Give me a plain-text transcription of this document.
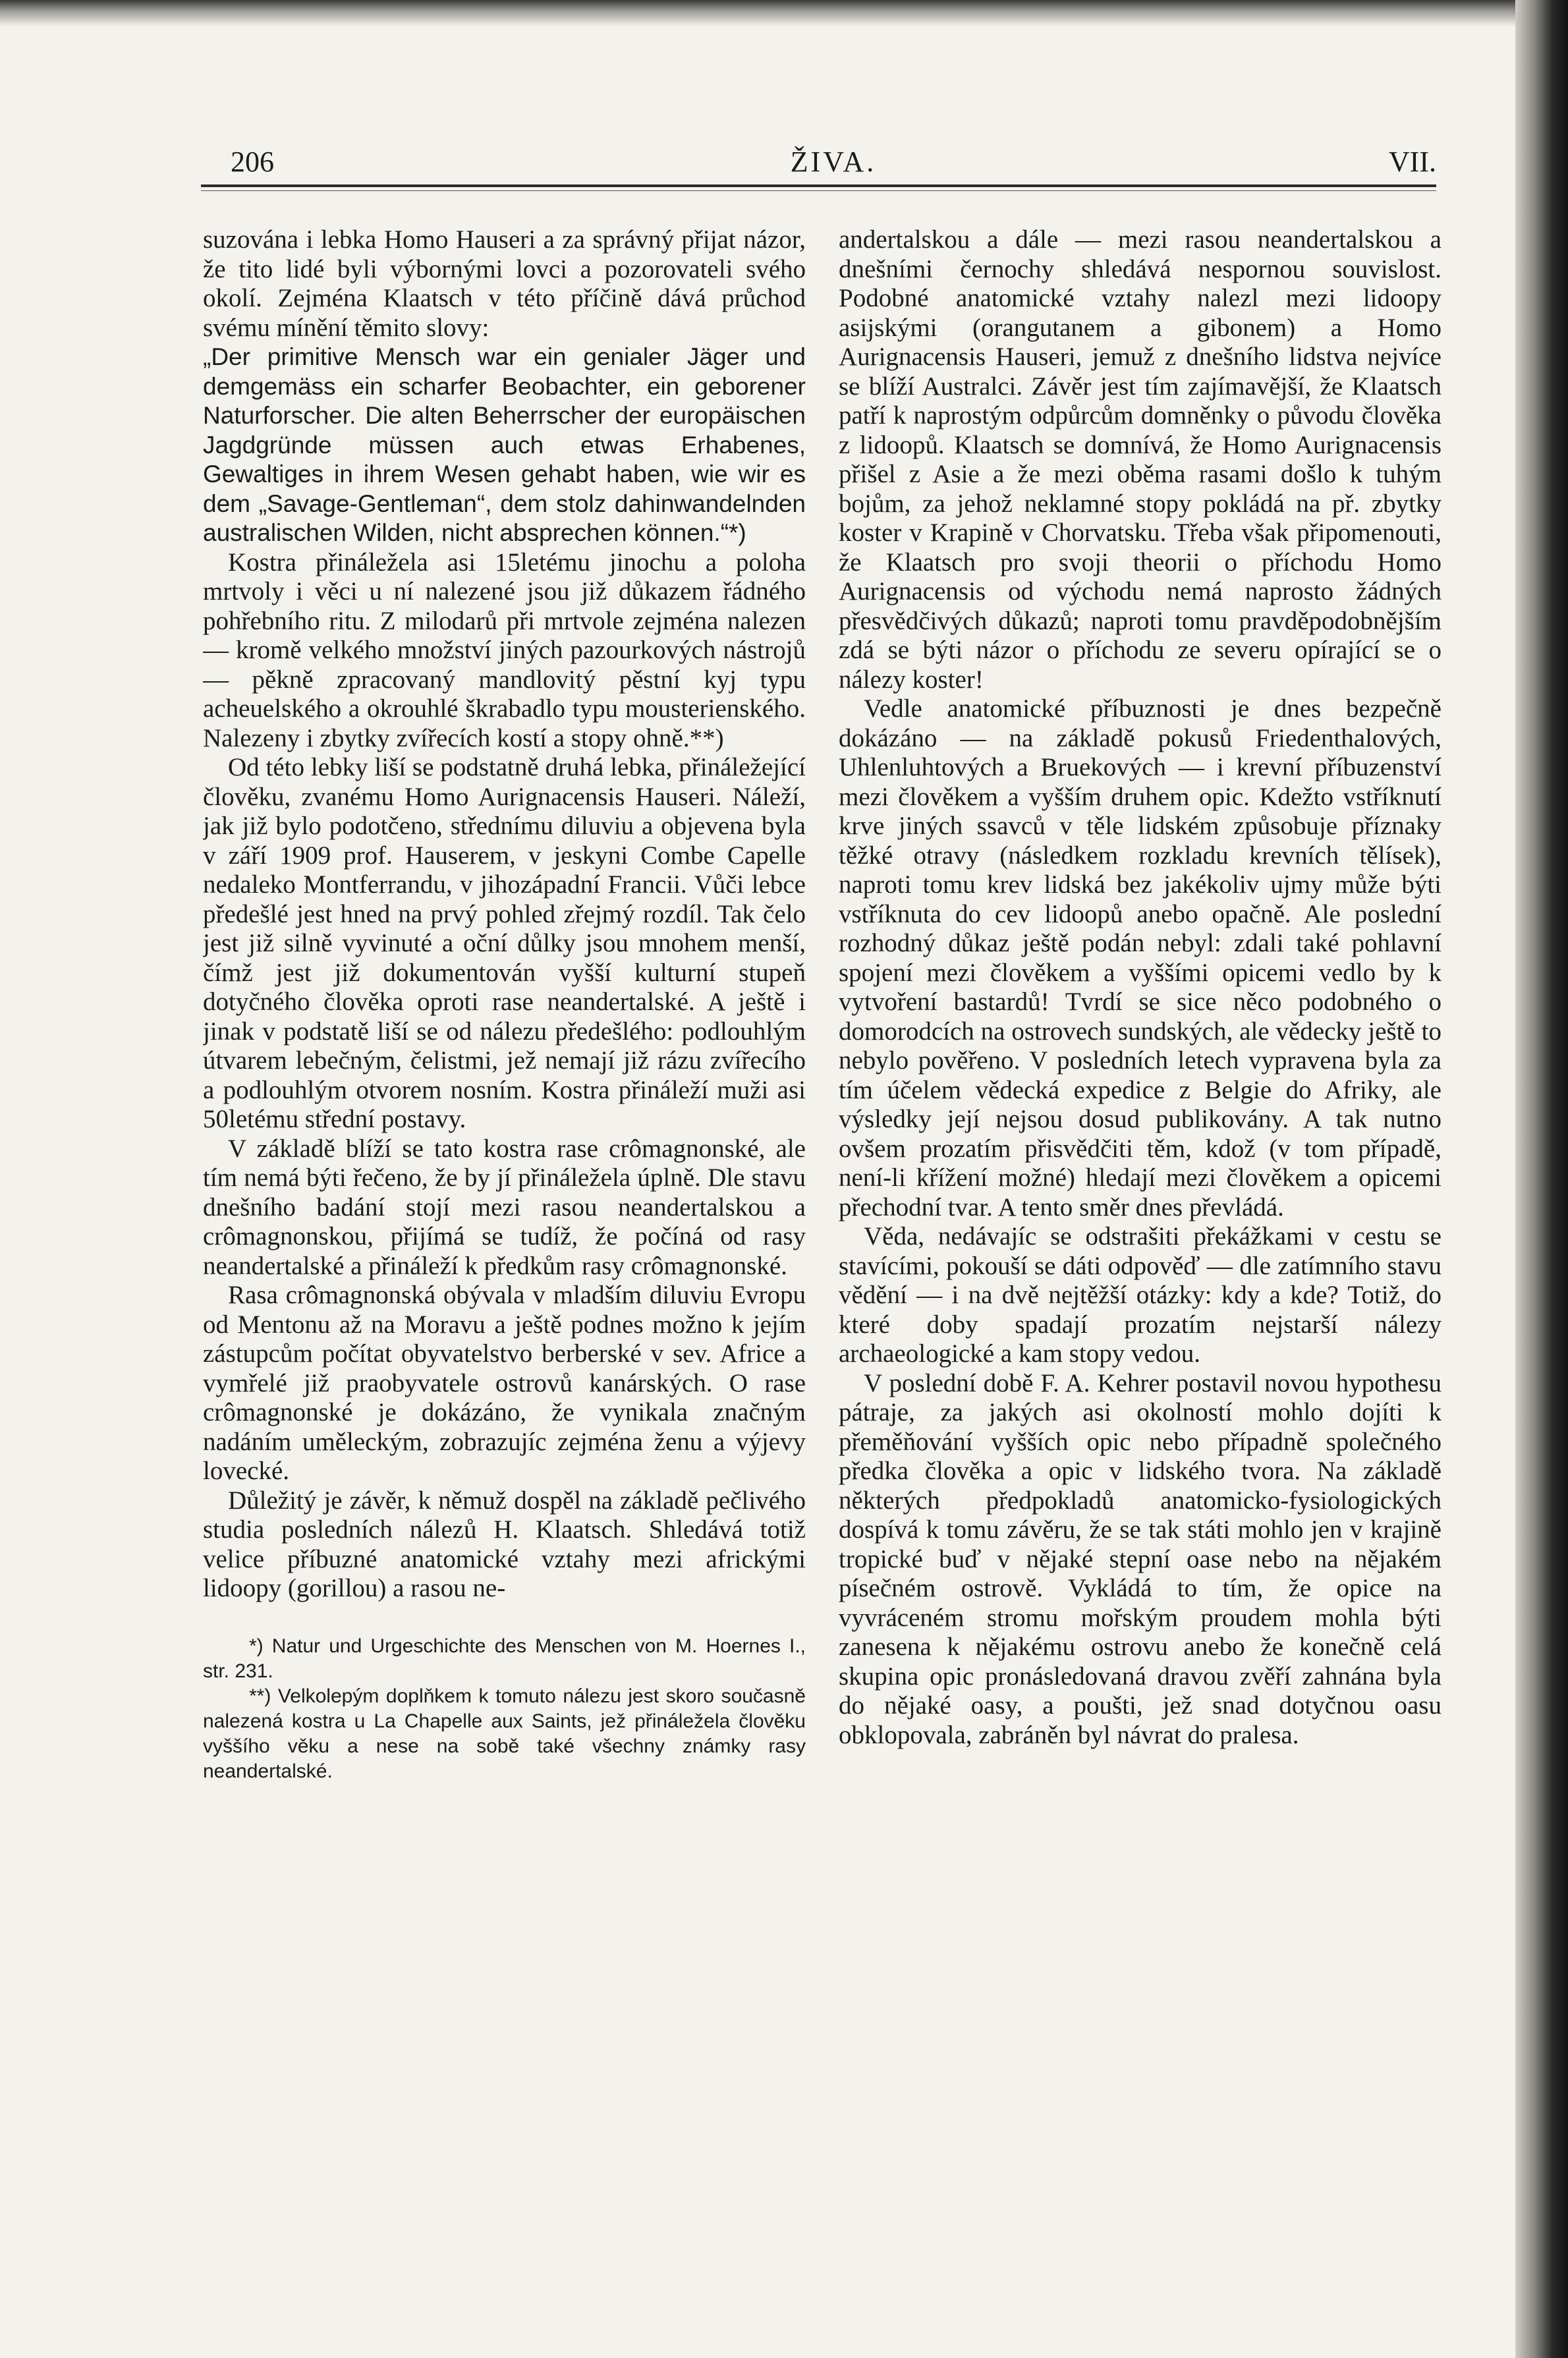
206	ŽIVA.	VII.

suzována i lebka Homo Hauseri a za správný přijat názor, že tito lidé byli výbornými lovci a pozorovateli svého okolí. Zejména Klaatsch v této příčině dává průchod svému mínění těmito slovy:

„Der primitive Mensch war ein genialer Jäger und demgemäss ein scharfer Beobachter, ein geborener Naturforscher. Die alten Beherrscher der europäischen Jagdgründe müssen auch etwas Erhabenes, Gewaltiges in ihrem Wesen gehabt haben, wie wir es dem „Savage-Gentleman“, dem stolz dahinwandelnden australischen Wilden, nicht absprechen können.“*)

Kostra přináležela asi 15letému jinochu a poloha mrtvoly i věci u ní nalezené jsou již důkazem řádného pohřebního ritu. Z milodarů při mrtvole zejména nalezen — kromě velkého množství jiných pazourkových nástrojů — pěkně zpracovaný mandlovitý pěstní kyj typu acheuelského a okrouhlé škrabadlo typu mousterienského. Nalezeny i zbytky zvířecích kostí a stopy ohně.**)

Od této lebky liší se podstatně druhá lebka, přináležející člověku, zvanému Homo Aurignacensis Hauseri. Náleží, jak již bylo podotčeno, střednímu diluviu a objevena byla v září 1909 prof. Hauserem, v jeskyni Combe Capelle nedaleko Montferrandu, v jihozápadní Francii. Vůči lebce předešlé jest hned na prvý pohled zřejmý rozdíl. Tak čelo jest již silně vyvinuté a oční důlky jsou mnohem menší, čímž jest již dokumentován vyšší kulturní stupeň dotyčného člověka oproti rase neandertalské. A ještě i jinak v podstatě liší se od nálezu předešlého: podlouhlým útvarem lebečným, čelistmi, jež nemají již rázu zvířecího a podlouhlým otvorem nosním. Kostra přináleží muži asi 50letému střední postavy.

V základě blíží se tato kostra rase crômagnonské, ale tím nemá býti řečeno, že by jí přináležela úplně. Dle stavu dnešního badání stojí mezi rasou neandertalskou a crômagnonskou, přijímá se tudíž, že počíná od rasy neandertalské a přináleží k předkům rasy crômagnonské.

Rasa crômagnonská obývala v mladším diluviu Evropu od Mentonu až na Moravu a ještě podnes možno k jejím zástupcům počítat obyvatelstvo berberské v sev. Africe a vymřelé již praobyvatele ostrovů kanárských. O rase crômagnonské je dokázáno, že vynikala značným nadáním uměleckým, zobrazujíc zejména ženu a výjevy lovecké.

Důležitý je závěr, k němuž dospěl na základě pečlivého studia posledních nálezů H. Klaatsch. Shledává totiž velice příbuzné anatomické vztahy mezi africkými lidoopy (gorillou) a rasou ne-

*) Natur und Urgeschichte des Menschen von M. Hoernes I., str. 231.

**) Velkolepým doplňkem k tomuto nálezu jest skoro současně nalezená kostra u La Chapelle aux Saints, jež přináležela člověku vyššího věku a nese na sobě také všechny známky rasy neandertalské.

andertalskou a dále — mezi rasou neandertalskou a dnešními černochy shledává nespornou souvislost. Podobné anatomické vztahy nalezl mezi lidoopy asijskými (orangutanem a gibonem) a Homo Aurignacensis Hauseri, jemuž z dnešního lidstva nejvíce se blíží Australci. Závěr jest tím zajímavější, že Klaatsch patří k naprostým odpůrcům domněnky o původu člověka z lidoopů. Klaatsch se domnívá, že Homo Aurignacensis přišel z Asie a že mezi oběma rasami došlo k tuhým bojům, za jehož neklamné stopy pokládá na př. zbytky koster v Krapině v Chorvatsku. Třeba však připomenouti, že Klaatsch pro svoji theorii o příchodu Homo Aurignacensis od východu nemá naprosto žádných přesvědčivých důkazů; naproti tomu pravděpodobnějším zdá se býti názor o příchodu ze severu opírající se o nálezy koster!

Vedle anatomické příbuznosti je dnes bezpečně dokázáno — na základě pokusů Friedenthalových, Uhlenluhtových a Bruekových — i krevní příbuzenství mezi člověkem a vyšším druhem opic. Kdežto vstříknutí krve jiných ssavců v těle lidském způsobuje příznaky těžké otravy (následkem rozkladu krevních tělísek), naproti tomu krev lidská bez jakékoliv ujmy může býti vstříknuta do cev lidoopů anebo opačně. Ale poslední rozhodný důkaz ještě podán nebyl: zdali také pohlavní spojení mezi člověkem a vyššími opicemi vedlo by k vytvoření bastardů! Tvrdí se sice něco podobného o domorodcích na ostrovech sundských, ale vědecky ještě to nebylo pověřeno. V posledních letech vypravena byla za tím účelem vědecká expedice z Belgie do Afriky, ale výsledky její nejsou dosud publikovány. A tak nutno ovšem prozatím přisvědčiti těm, kdož (v tom případě, není-li křížení možné) hledají mezi člověkem a opicemi přechodní tvar. A tento směr dnes převládá.

Věda, nedávajíc se odstrašiti překážkami v cestu se stavícími, pokouší se dáti odpověď — dle zatímního stavu vědění — i na dvě nejtěžší otázky: kdy a kde? Totiž, do které doby spadají prozatím nejstarší nálezy archaeologické a kam stopy vedou.

V poslední době F. A. Kehrer postavil novou hypothesu pátraje, za jakých asi okolností mohlo dojíti k přeměňování vyšších opic nebo případně společného předka člověka a opic v lidského tvora. Na základě některých předpokladů anatomicko-fysiologických dospívá k tomu závěru, že se tak státi mohlo jen v krajině tropické buď v nějaké stepní oase nebo na nějakém písečném ostrově. Vykládá to tím, že opice na vyvráceném stromu mořským proudem mohla býti zanesena k nějakému ostrovu anebo že konečně celá skupina opic pronásledovaná dravou zvěří zahnána byla do nějaké oasy, a poušti, jež snad dotyčnou oasu obklopovala, zabráněn byl návrat do pralesa.
